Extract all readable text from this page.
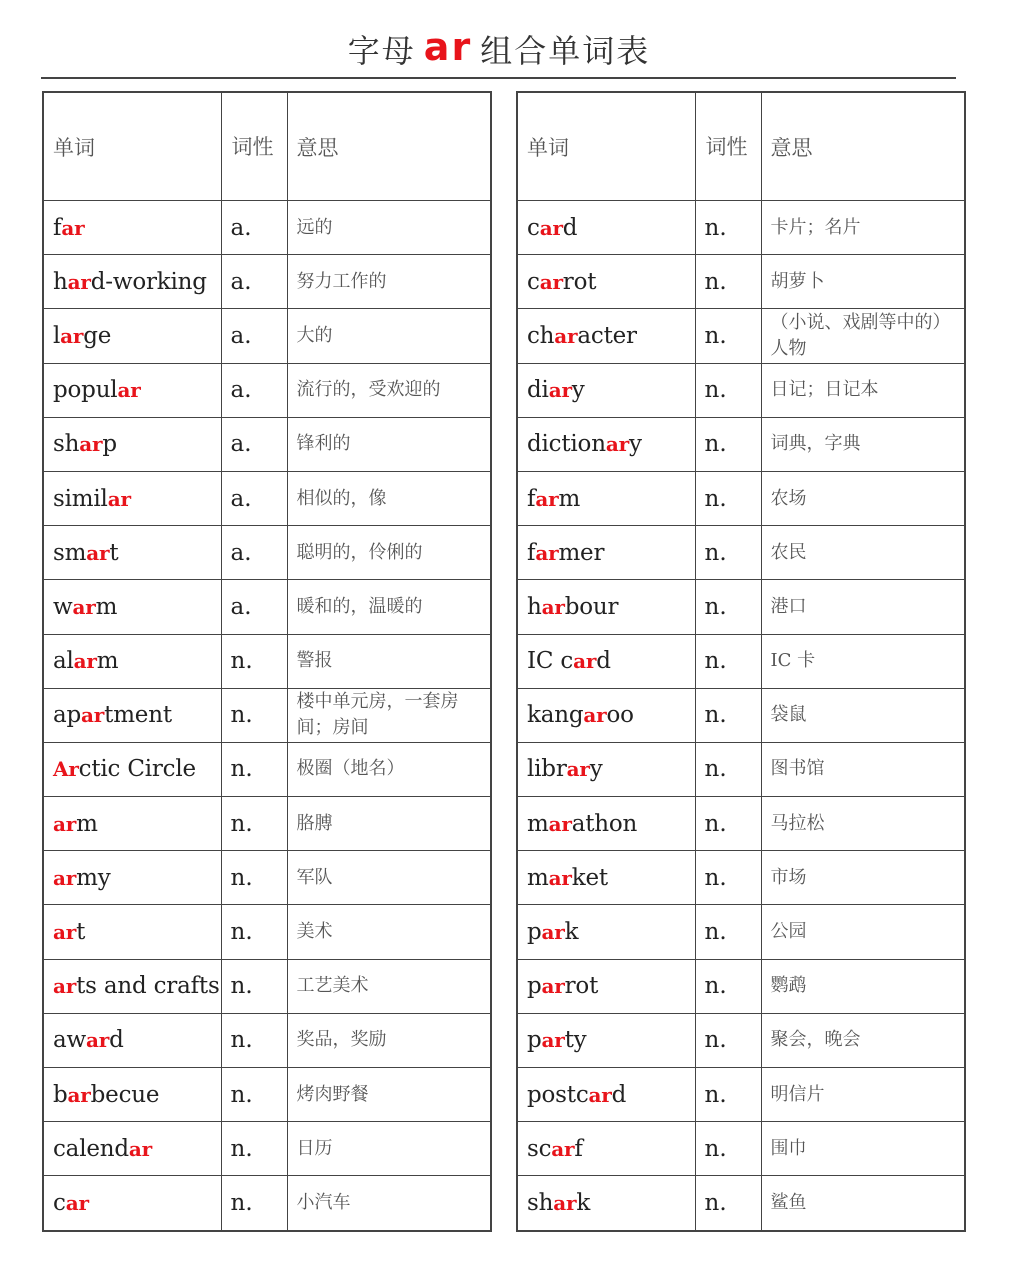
字母 ar 组合单词表
单词	词性	意思
far	a.	远的
hard-working	a.	努力工作的
large	a.	大的
popular	a.	流行的，受欢迎的
sharp	a.	锋利的
similar	a.	相似的，像
smart	a.	聪明的，伶俐的
warm	a.	暖和的，温暖的
alarm	n.	警报
apartment	n.	楼中单元房，一套房间；房间
Arctic Circle	n.	极圈（地名）
arm	n.	胳膊
army	n.	军队
art	n.	美术
arts and crafts	n.	工艺美术
award	n.	奖品，奖励
barbecue	n.	烤肉野餐
calendar	n.	日历
car	n.	小汽车
单词	词性	意思
card	n.	卡片；名片
carrot	n.	胡萝卜
character	n.	（小说、戏剧等中的）人物
diary	n.	日记；日记本
dictionary	n.	词典，字典
farm	n.	农场
farmer	n.	农民
harbour	n.	港口
IC card	n.	IC 卡
kangaroo	n.	袋鼠
library	n.	图书馆
marathon	n.	马拉松
market	n.	市场
park	n.	公园
parrot	n.	鹦鹉
party	n.	聚会，晚会
postcard	n.	明信片
scarf	n.	围巾
shark	n.	鲨鱼
